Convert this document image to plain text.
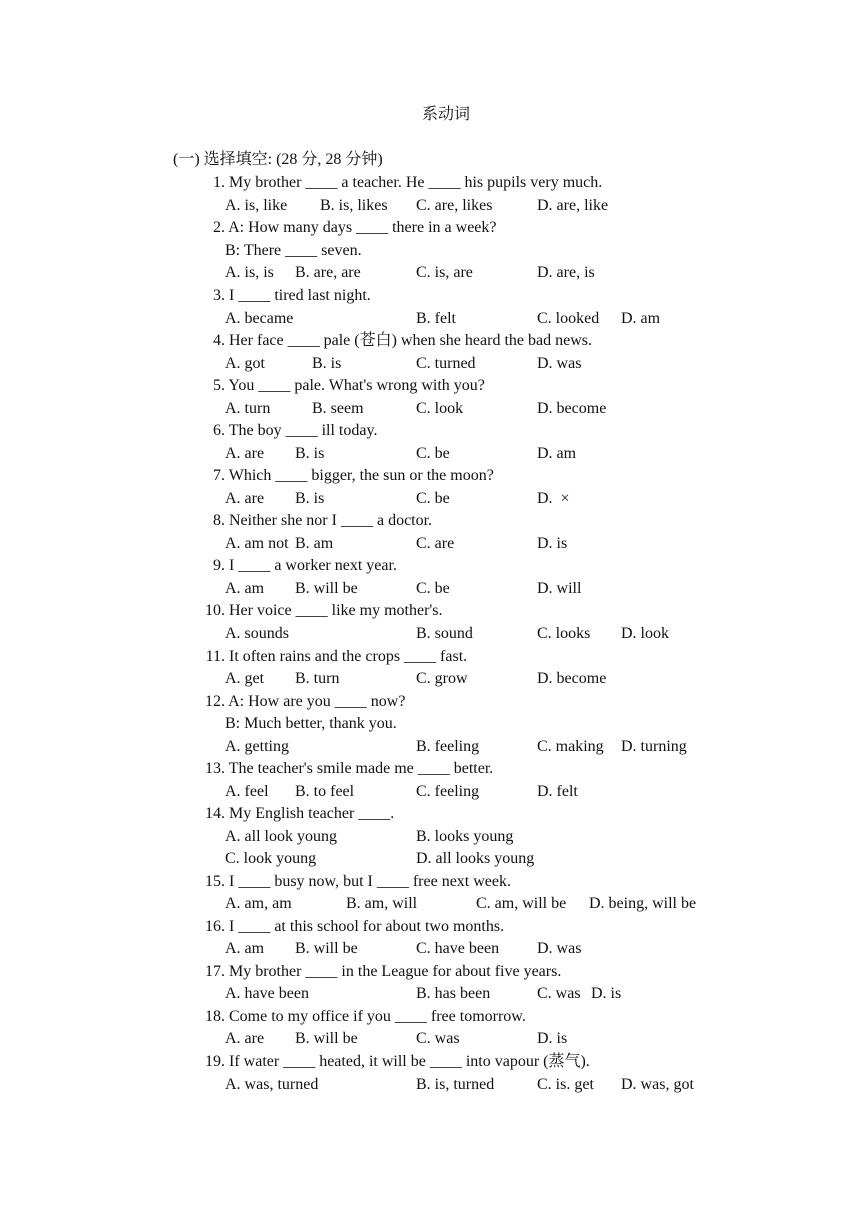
系动词
(一) 选择填空: (28 分, 28 分钟)
1. My brother ____ a teacher. He ____ his pupils very much.

A. is, like

B. is, likes

C. are, likes

	D. are, like

2. A: How many days ____ there in a week?
B: There ____ seven.

A. is, is

B. are, are

	C. is, are

	D. are, is

3. I ____ tired last night.

A. became

	B. felt

	C. looked

D. am

4. Her face ____ pale (苍白) when she heard the bad news.

A. got

	B. is

	C. turned

	D. was

5. You ____ pale. What's wrong with you?

A. turn

	B. seem

	C. look

	D. become

6. The boy ____ ill today.

A. are

B. is

	C. be

	D. am

7. Which ____ bigger, the sun or the moon?

A. are

B. is

	C. be

	D.  ×

8. Neither she nor I ____ a doctor.

A. am not

B. am

	C. are

	D. is

9. I ____ a worker next year.

A. am

B. will be

	C. be

	D. will

10. Her voice ____ like my mother's.

A. sounds

	B. sound

	C. looks

D. look

11. It often rains and the crops ____ fast.

A. get

B. turn

	C. grow

	D. become

12. A: How are you ____ now?
B: Much better, thank you.

A. getting

	B. feeling

	C. making

D. turning

13. The teacher's smile made me ____ better.

A. feel

B. to feel

	C. feeling

	D. felt

14. My English teacher ____.

A. all look young

	B. looks young

C. look young

	D. all looks young

15. I ____ busy now, but I ____ free next week.

A. am, am

	B. am, will

	C. am, will be

D. being, will be

16. I ____ at this school for about two months.

A. am

B. will be

	C. have been

D. was

17. My brother ____ in the League for about five years.

A. have been

	B. has been

	C. was

D. is

18. Come to my office if you ____ free tomorrow.

A. are

B. will be

	C. was

	D. is

19. If water ____ heated, it will be ____ into vapour (蒸气).

A. was, turned

	B. is, turned

	C. is. get

D. was, got
